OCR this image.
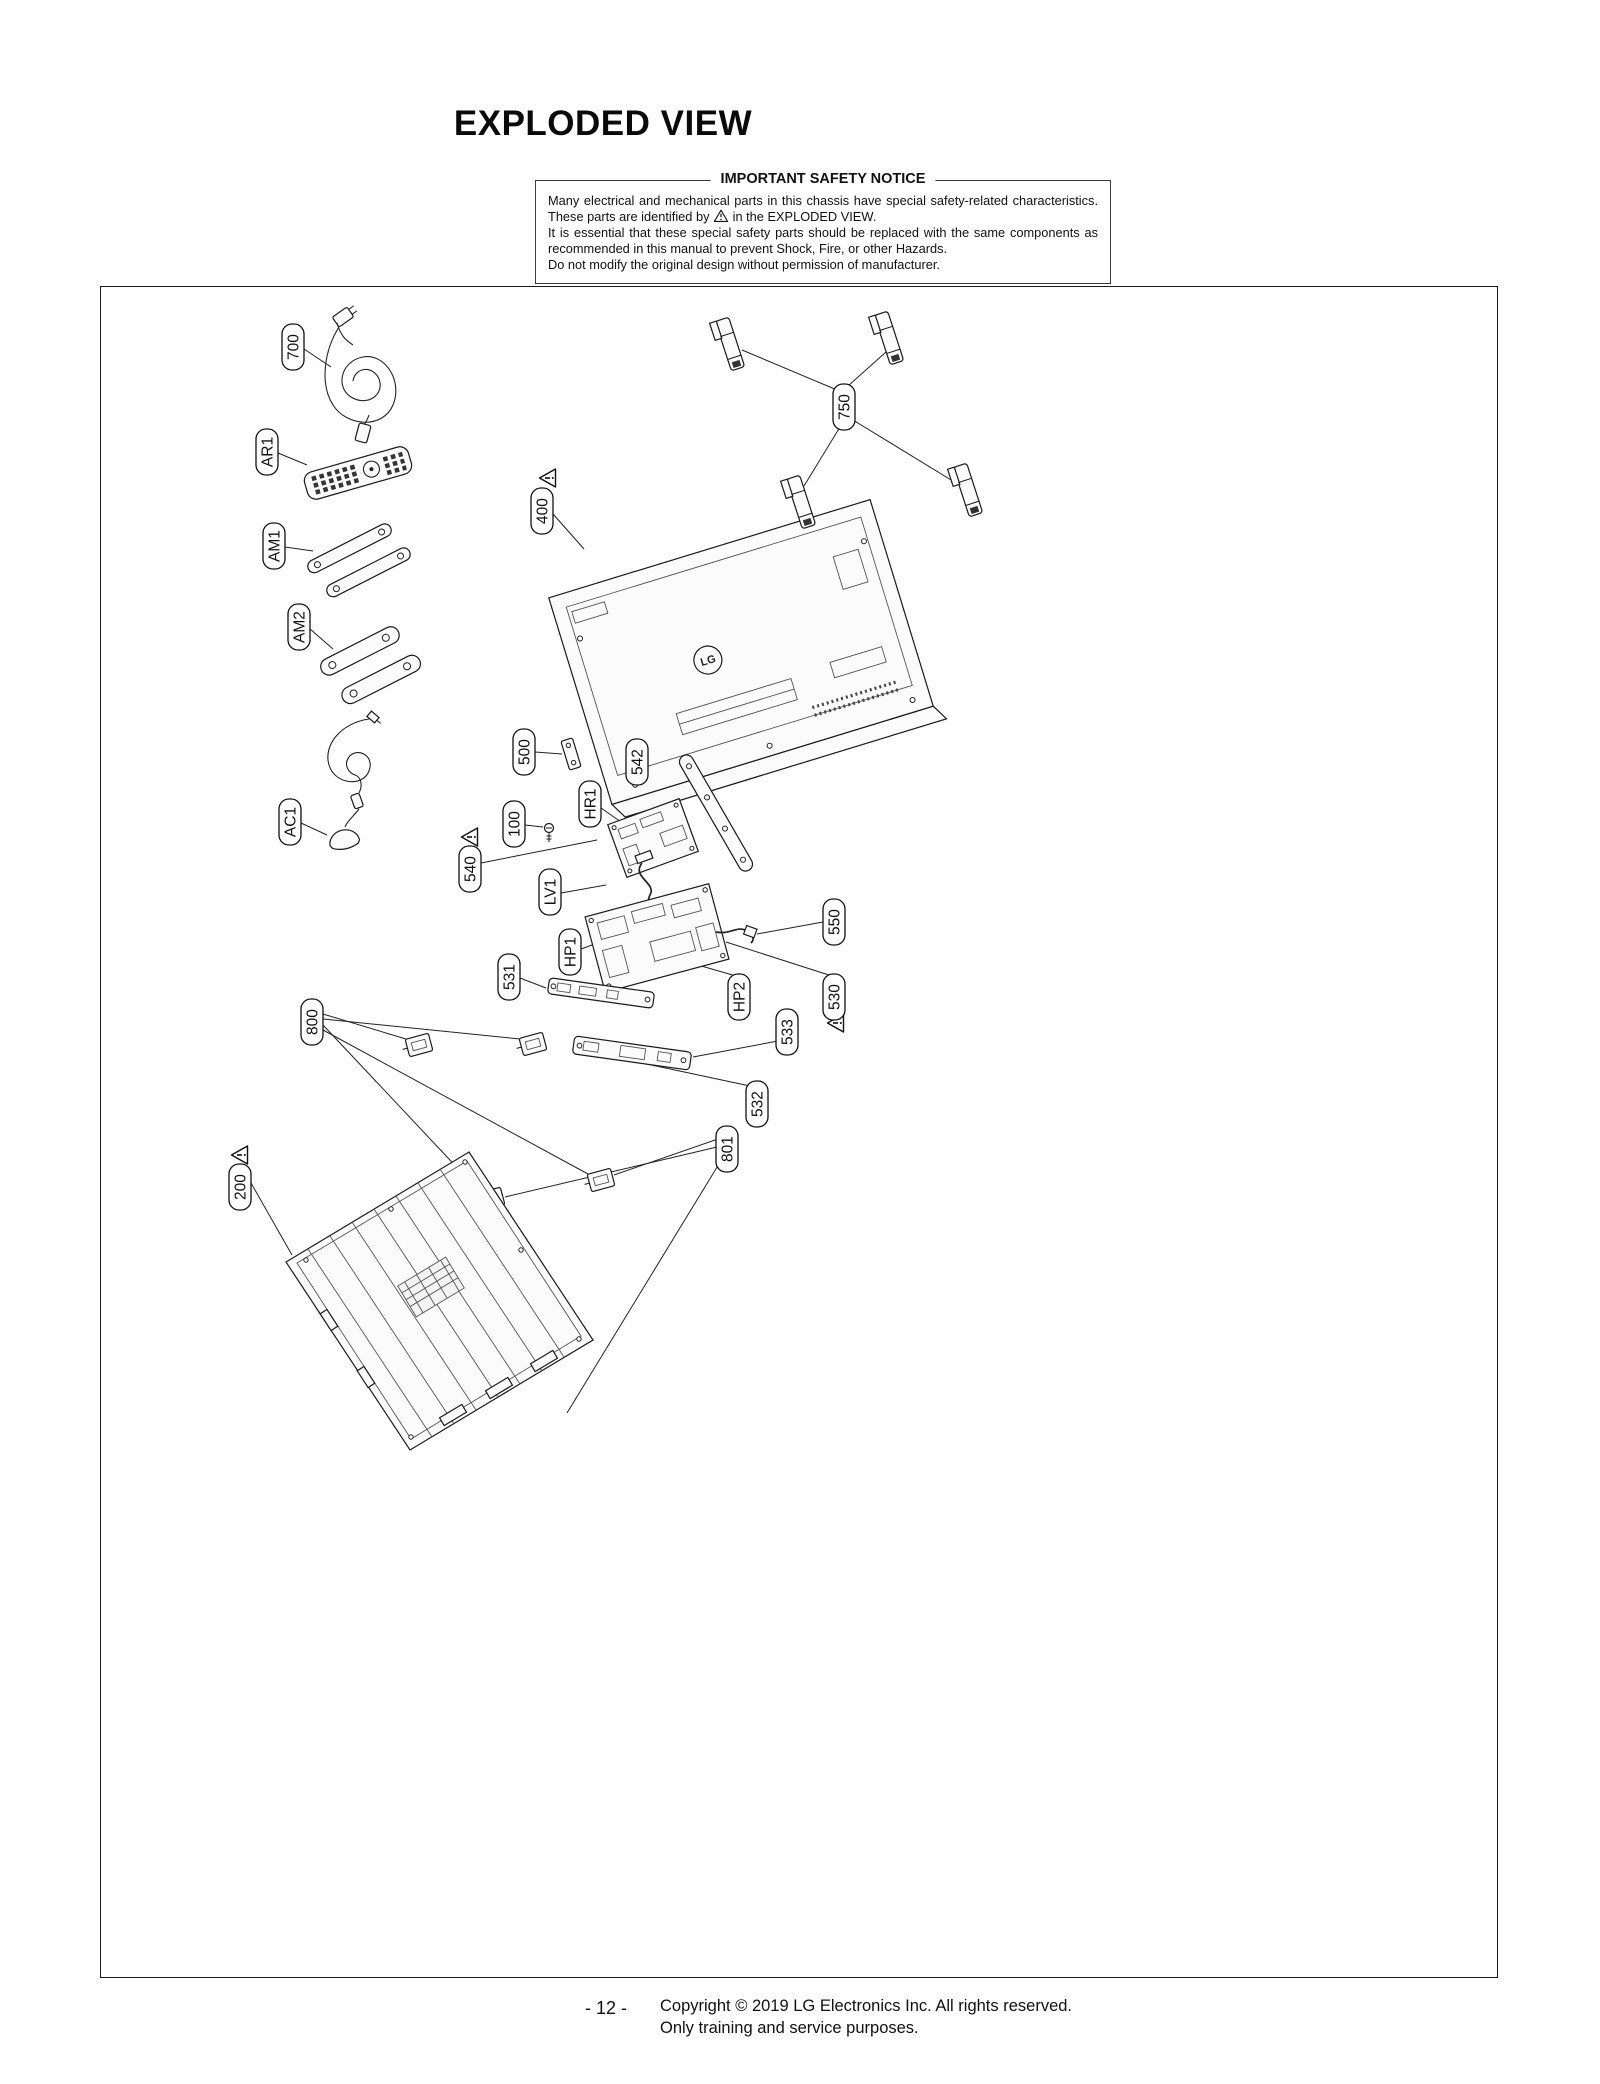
EXPLODED VIEW
IMPORTANT SAFETY NOTICE

Many electrical and mechanical parts in this chassis have special safety-related characteristics. These parts are identified by in the EXPLODED VIEW.

It is essential that these special safety parts should be replaced with the same components as recommended in this manual to prevent Shock, Fire, or other Hazards.

Do not modify the original design without permission of manufacturer.

LG
700
AR1
AM1
AM2
AC1
400
750
500	542
HR1
100
540
LV1
HP1
550
531
HP2	530
533
800
532
801
200
- 12 - Copyright © 2019 LG Electronics Inc. All rights reserved.
Only training and service purposes.
